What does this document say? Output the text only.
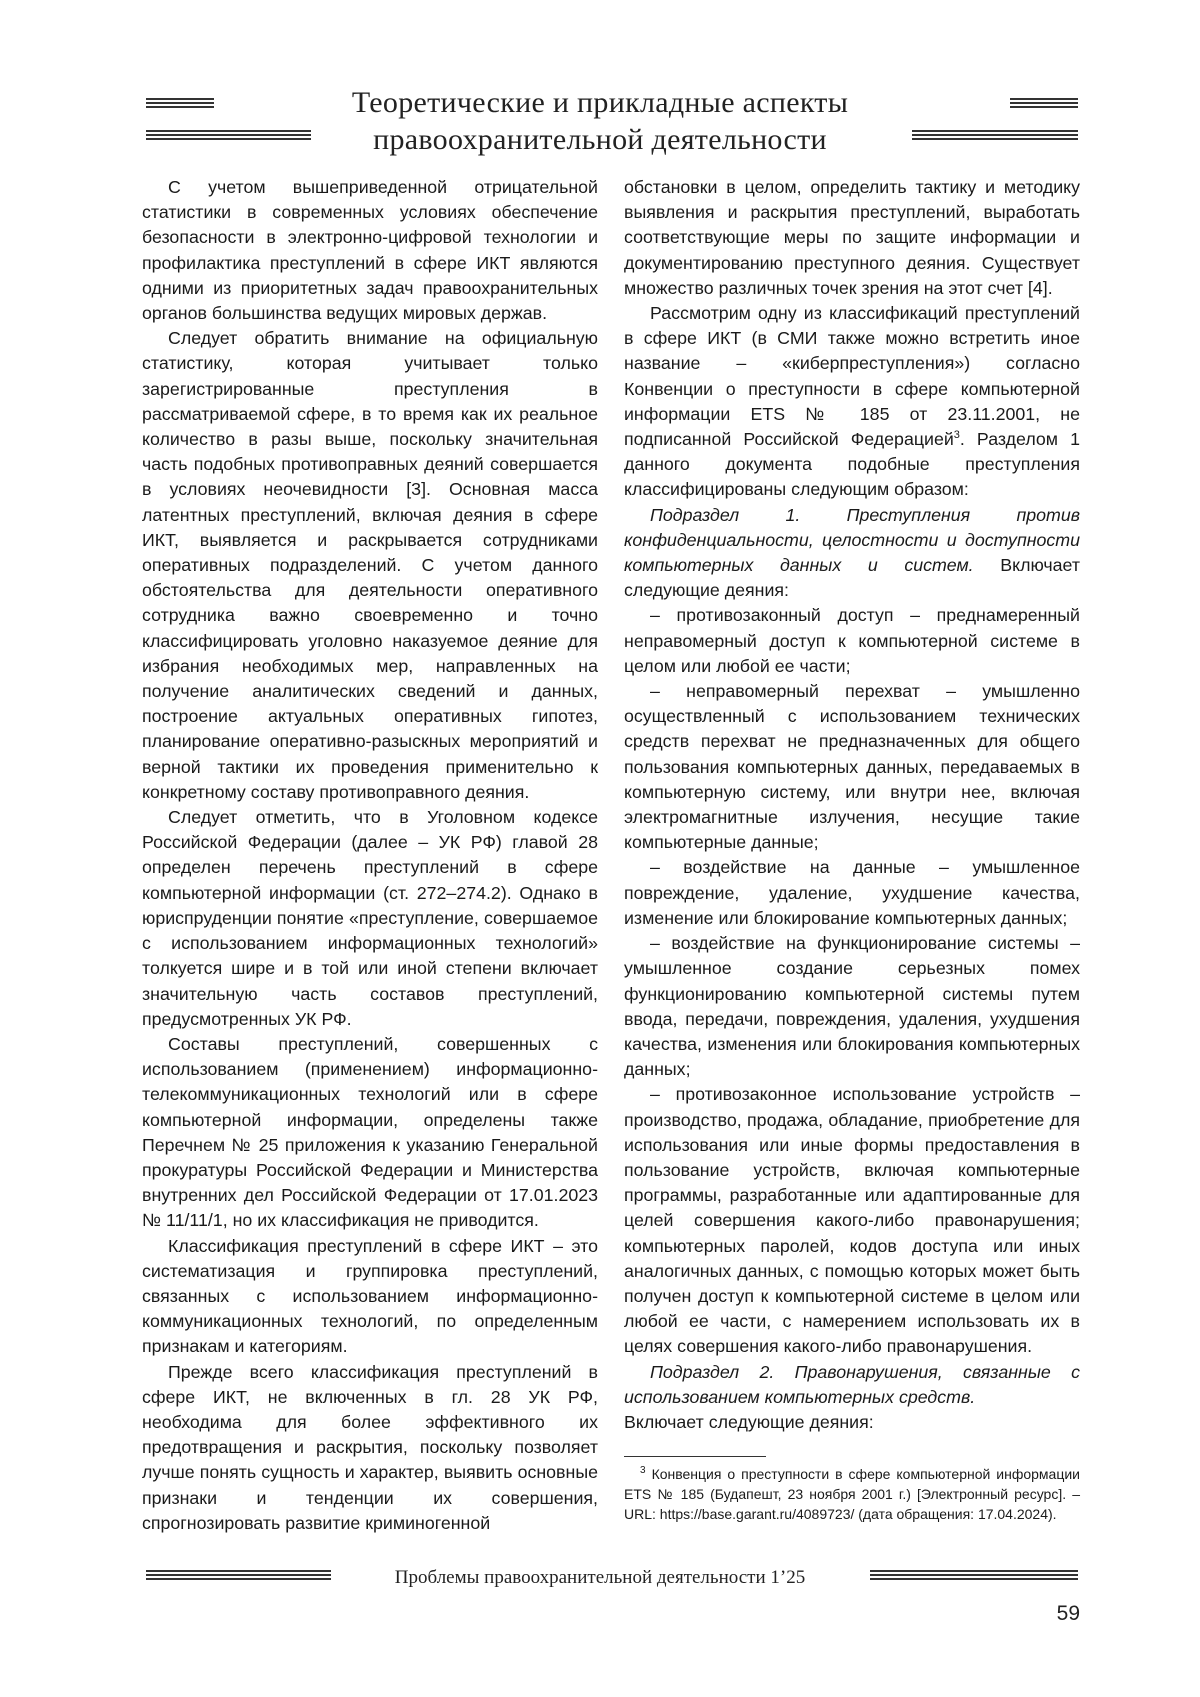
Теоретические и прикладные аспекты
правоохранительной деятельности

С учетом вышеприведенной отрицательной статистики в современных условиях обеспечение безопасности в электронно-цифровой технологии и профилактика преступлений в сфере ИКТ являются одними из приоритетных задач правоохранительных органов большинства ведущих мировых держав.

Следует обратить внимание на официальную статистику, которая учитывает только зарегистрированные преступления в рассматриваемой сфере, в то время как их реальное количество в разы выше, поскольку значительная часть подобных противоправных деяний совершается в условиях неочевидности [3]. Основная масса латентных преступлений, включая деяния в сфере ИКТ, выявляется и раскрывается сотрудниками оперативных подразделений. С учетом данного обстоятельства для деятельности оперативного сотрудника важно своевременно и точно классифицировать уголовно наказуемое деяние для избрания необходимых мер, направленных на получение аналитических сведений и данных, построение актуальных оперативных гипотез, планирование оперативно-разыскных мероприятий и верной тактики их проведения применительно к конкретному составу противоправного деяния.

Следует отметить, что в Уголовном кодексе Российской Федерации (далее – УК РФ) главой 28 определен перечень преступлений в сфере компьютерной информации (ст. 272–274.2). Однако в юриспруденции понятие «преступление, совершаемое с использованием информационных технологий» толкуется шире и в той или иной степени включает значительную часть составов преступлений, предусмотренных УК РФ.

Составы преступлений, совершенных с использованием (применением) информационно-телекоммуникационных технологий или в сфере компьютерной информации, определены также Перечнем № 25 приложения к указанию Генеральной прокуратуры Российской Федерации и Министерства внутренних дел Российской Федерации от 17.01.2023 № 11/11/1, но их классификация не приводится.

Классификация преступлений в сфере ИКТ – это систематизация и группировка преступлений, связанных с использованием информационно-коммуникационных технологий, по определенным признакам и категориям.

Прежде всего классификация преступлений в сфере ИКТ, не включенных в гл. 28 УК РФ, необходима для более эффективного их предотвращения и раскрытия, поскольку позволяет лучше понять сущность и характер, выявить основные признаки и тенденции их совершения, спрогнозировать развитие криминогенной

обстановки в целом, определить тактику и методику выявления и раскрытия преступлений, выработать соответствующие меры по защите информации и документированию преступного деяния. Существует множество различных точек зрения на этот счет [4].

Рассмотрим одну из классификаций преступлений в сфере ИКТ (в СМИ также можно встретить иное название – «киберпреступления») согласно Конвенции о преступности в сфере компьютерной информации ETS № 185 от 23.11.2001, не подписанной Российской Федерацией$^3$. Разделом 1 данного документа подобные преступления классифицированы следующим образом:

Подраздел 1. Преступления против конфиденциальности, целостности и доступности компьютерных данных и систем. Включает следующие деяния:

– противозаконный доступ – преднамеренный неправомерный доступ к компьютерной системе в целом или любой ее части;

– неправомерный перехват – умышленно осуществленный с использованием технических средств перехват не предназначенных для общего пользования компьютерных данных, передаваемых в компьютерную систему, или внутри нее, включая электромагнитные излучения, несущие такие компьютерные данные;

– воздействие на данные – умышленное повреждение, удаление, ухудшение качества, изменение или блокирование компьютерных данных;

– воздействие на функционирование системы – умышленное создание серьезных помех функционированию компьютерной системы путем ввода, передачи, повреждения, удаления, ухудшения качества, изменения или блокирования компьютерных данных;

– противозаконное использование устройств – производство, продажа, обладание, приобретение для использования или иные формы предоставления в пользование устройств, включая компьютерные программы, разработанные или адаптированные для целей совершения какого-либо правонарушения; компьютерных паролей, кодов доступа или иных аналогичных данных, с помощью которых может быть получен доступ к компьютерной системе в целом или любой ее части, с намерением использовать их в целях совершения какого-либо правонарушения.

Подраздел 2. Правонарушения, связанные с использованием компьютерных средств.

Включает следующие деяния:

$^3$ Конвенция о преступности в сфере компьютерной информации ETS № 185 (Будапешт, 23 ноября 2001 г.) [Электронный ресурс]. – URL: https://base.garant.ru/4089723/ (дата обращения: 17.04.2024).
Проблемы правоохранительной деятельности 1’25
59
